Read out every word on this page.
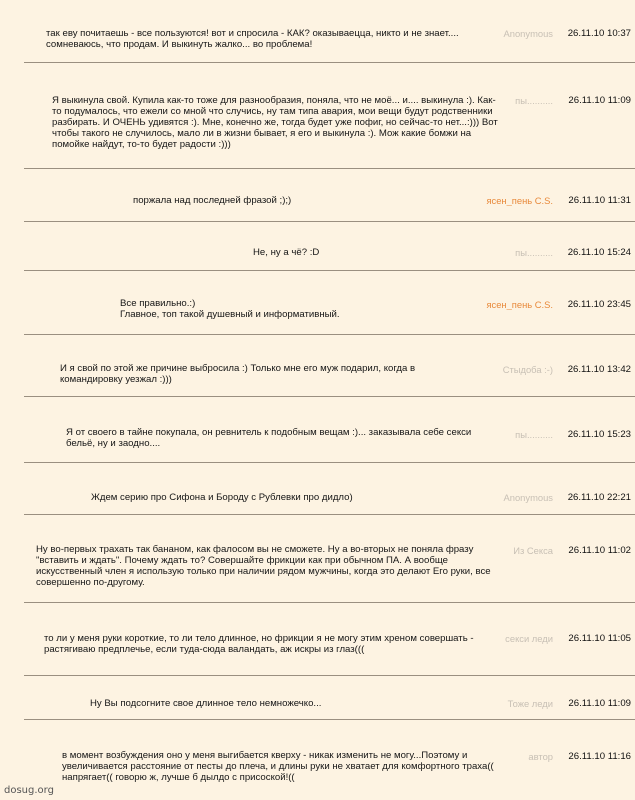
так еву почитаешь - все пользуются! вот и спросила - КАК? оказываецца, никто и не знает.... сомневаюсь, что продам. И выкинуть жалко... во проблема!
Anonymous	26.11.10 10:37
Я выкинула свой. Купила как-то тоже для разнообразия, поняла, что не моё... и.... выкинула :). Как-то подумалось, что ежели со мной что случись, ну там типа авария, мои вещи будут родственники разбирать. И ОЧЕНЬ удивятся :). Мне, конечно же, тогда будет уже пофиг, но сейчас-то нет...:))) Вот чтобы такого не случилось, мало ли в жизни бывает, я его и выкинула :). Мож какие бомжи на помойке найдут, то-то будет радости :)))
пы..........	26.11.10 11:09
поржала над последней фразой ;);)	ясен_пень C.S.	26.11.10 11:31
Не, ну а чё? :D	пы..........	26.11.10 15:24
Все правильно.:)
Главное, топ такой душевный и информативный.
ясен_пень C.S.	26.11.10 23:45
И я свой по этой же причине выбросила :) Только мне его муж подарил, когда в командировку уезжал :)))
Стыдоба :-)	26.11.10 13:42
Я от своего в тайне покупала, он ревнитель к подобным вещам :)... заказывала себе секси бельё, ну и заодно....
пы..........	26.11.10 15:23
Ждем серию про Сифона и Бороду с Рублевки про дидло)	Anonymous	26.11.10 22:21
Ну во-первых трахать так бананом, как фалосом вы не сможете. Ну а во-вторых не поняла фразу "вставить и ждать". Почему ждать то? Совершайте фрикции как при обычном ПА. А вообще искусственный член я использую только при наличии рядом мужчины, когда это делают Его руки, все совершенно по-другому.
Из Секса	26.11.10 11:02
то ли у меня руки короткие, то ли тело длинное, но фрикции я не могу этим хреном совершать - растягиваю предплечье, если туда-сюда валандать, аж искры из глаз(((
секси леди	26.11.10 11:05
Ну Вы подсогните свое длинное тело немножечко...	Тоже леди	26.11.10 11:09
в момент возбуждения оно у меня выгибается кверху - никак изменить не могу...Поэтому и увеличивается расстояние от песты до плеча, и длины руки не хватает для комфортного траха(( напрягает(( говорю ж, лучше б дылдо с присоской!((
автор	26.11.10 11:16
dosug.org
